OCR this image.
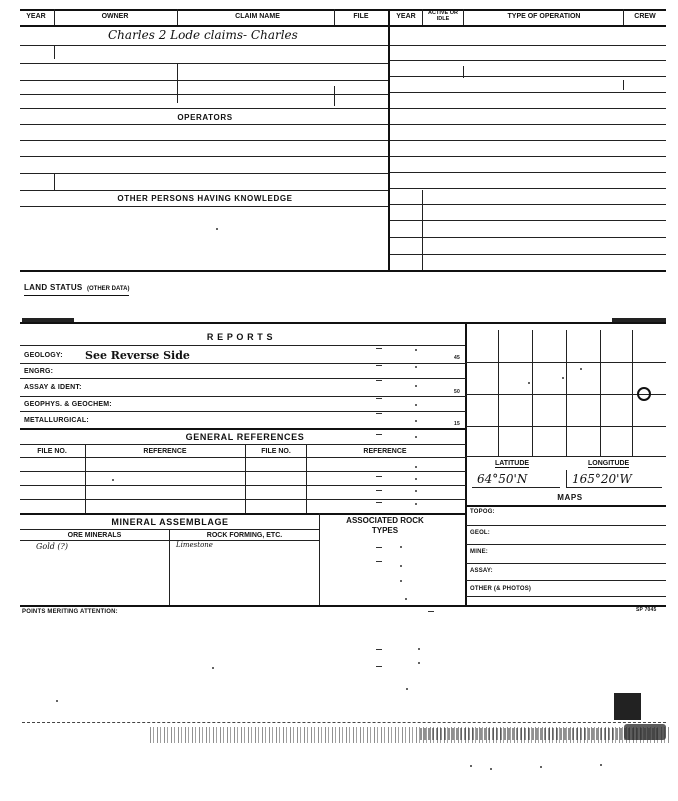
YEAR	OWNER	CLAIM NAME	FILE	YEAR	ACTIVE OR IDLE	TYPE OF OPERATION	CREW
Charles 2 Lode claims- Charles
OPERATORS
OTHER PERSONS HAVING KNOWLEDGE
LAND STATUS (OTHER DATA)
R E P O R T S
GEOLOGY: See Reverse Side	45
ENGRG:
ASSAY & IDENT:
50
GEOPHYS. & GEOCHEM:
METALLURGICAL:	15
GENERAL REFERENCES
FILE NO.	REFERENCE	FILE NO.	REFERENCE
MINERAL ASSEMBLAGE
ORE MINERALS	ROCK FORMING, ETC.
Gold (?)	Limestone
ASSOCIATED ROCK TYPES
LATITUDE	LONGITUDE
64°50'N	165°20'W
MAPS
TOPOG:
GEOL:
MINE:
ASSAY:
OTHER (& PHOTOS)
POINTS MERITING ATTENTION:	SP 7045
